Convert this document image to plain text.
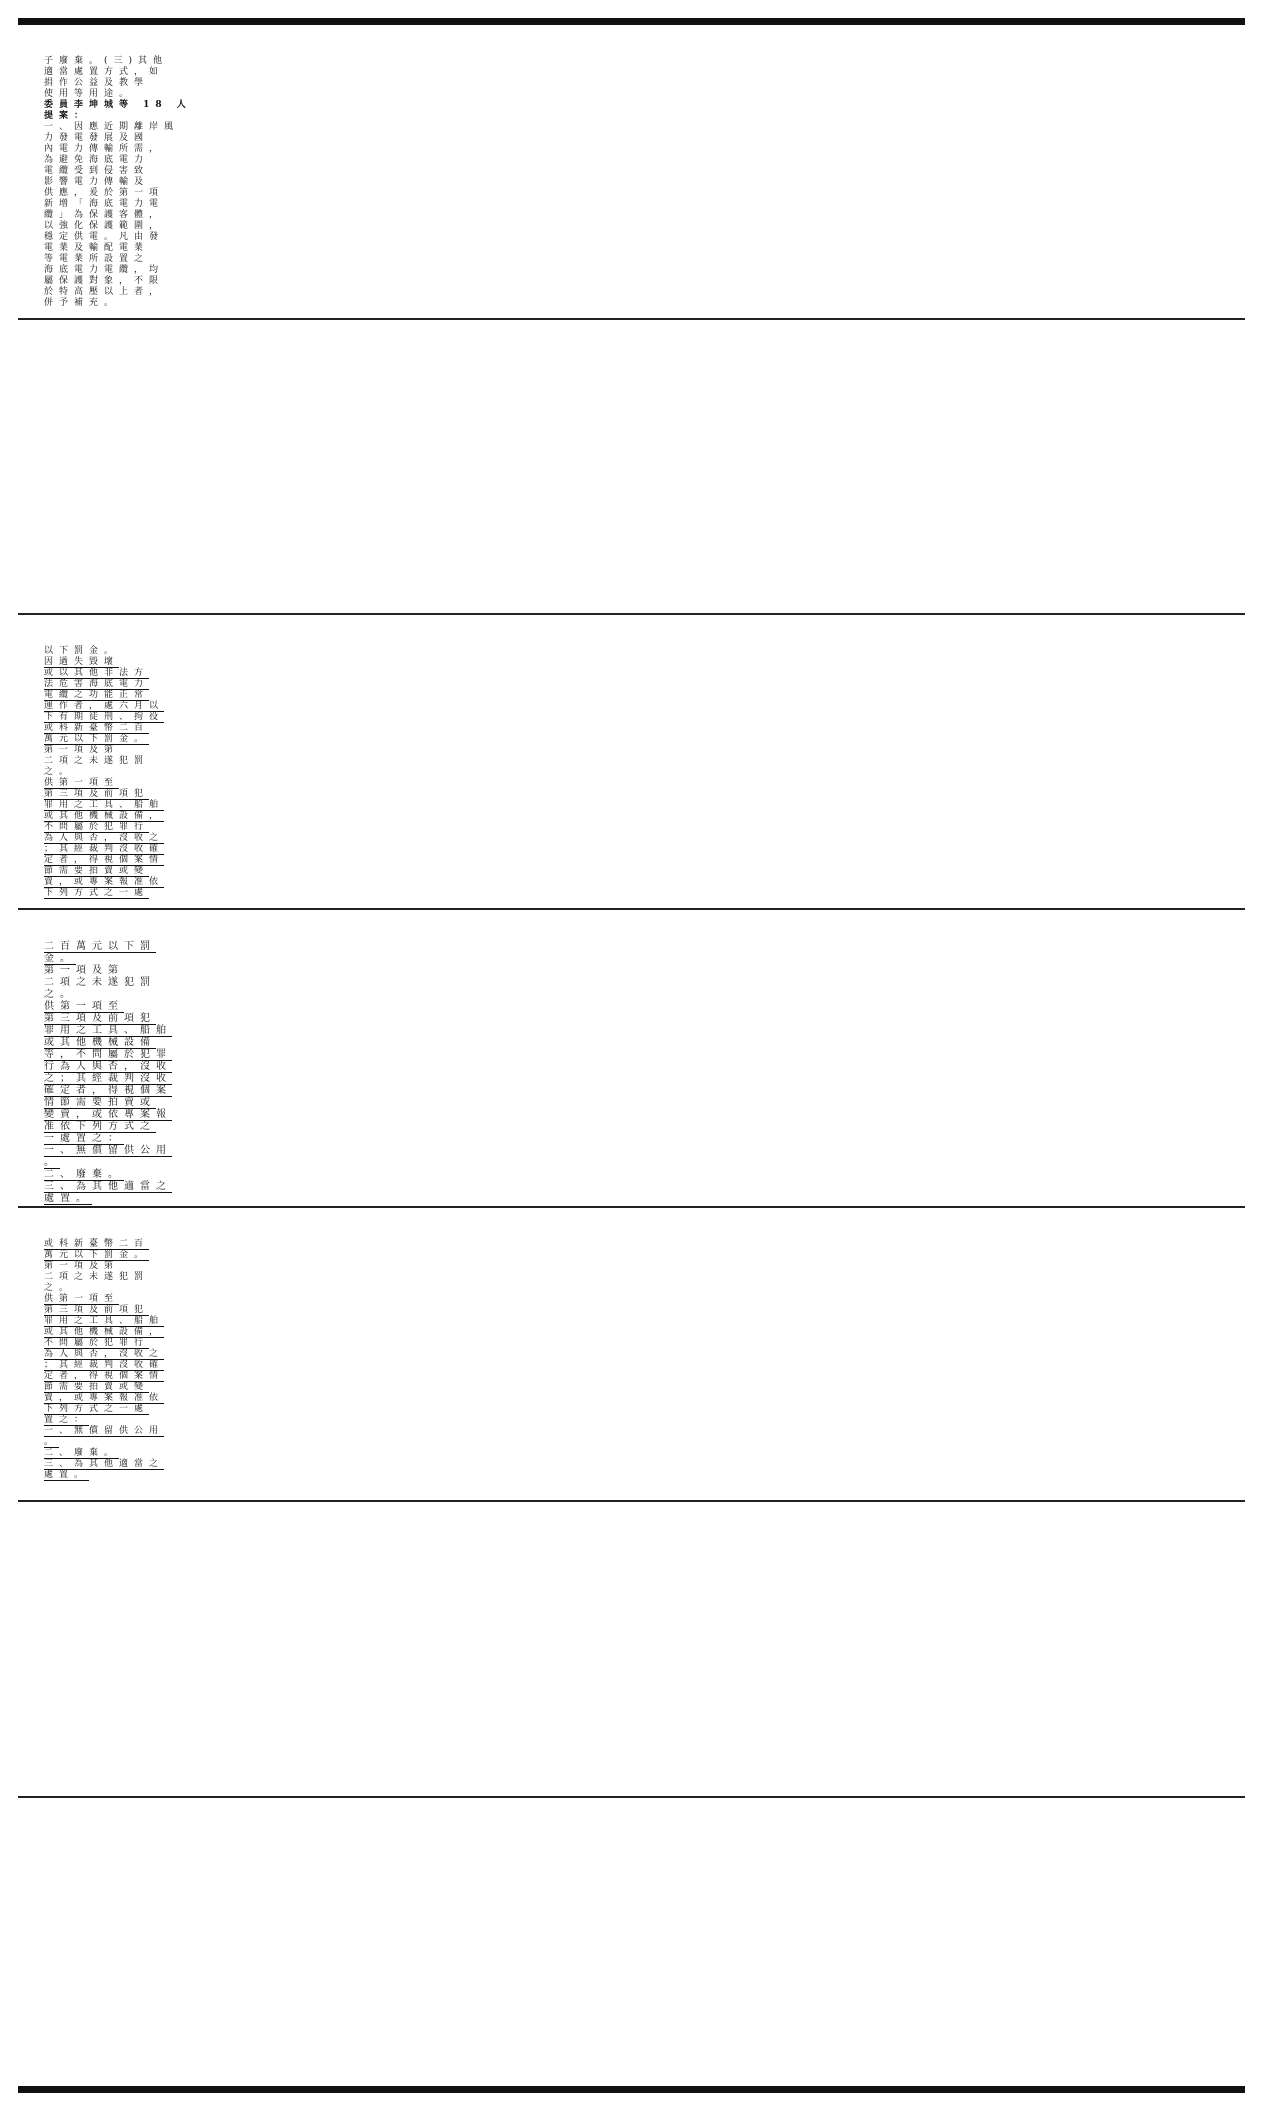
子廢棄。(三)其他
適當處置方式，如
捐作公益及教學
使用等用途。
委員李坤城等 18 人
提案：
一、因應近期離岸風
力發電發展及國
內電力傳輸所需，
為避免海底電力
電纜受到侵害致
影響電力傳輸及
供應，爰於第一項
新增「海底電力電
纜」為保護客體，
以強化保護範圍，
穩定供電。凡由發
電業及輸配電業
等電業所設置之
海底電力電纜，均
屬保護對象，不限
於特高壓以上者，
併予補充。
以下罰金。
因過失毀壞
或以其他非法方
法危害海底電力
電纜之功能正常
運作者，處六月以
下有期徒刑、拘役
或科新臺幣二百
萬元以下罰金。
第一項及第
二項之未遂犯罰
之。
供第一項至
第三項及前項犯
罪用之工具、船舶
或其他機械設備，
不問屬於犯罪行
為人與否，沒收之
；其經裁判沒收確
定者，得視個案情
節需要拍賣或變
賣，或專案報准依
下列方式之一處
二百萬元以下罰
金。
第一項及第
二項之未遂犯罰
之。
供第一項至
第三項及前項犯
罪用之工具、船舶
或其他機械設備
等，不問屬於犯罪
行為人與否，沒收
之；其經裁判沒收
確定者，得視個案
情節需要拍賣或
變賣，或依專案報
准依下列方式之
一處置之：
一、無償留供公用
。
二、廢棄。
三、為其他適當之
處置。
或科新臺幣二百
萬元以下罰金。
第一項及第
二項之未遂犯罰
之。
供第一項至
第三項及前項犯
罪用之工具、船舶
或其他機械設備，
不問屬於犯罪行
為人與否，沒收之
；其經裁判沒收確
定者，得視個案情
節需要拍賣或變
賣，或專案報准依
下列方式之一處
置之：
一、無償留供公用
。
二、廢棄。
三、為其他適當之
處置。
